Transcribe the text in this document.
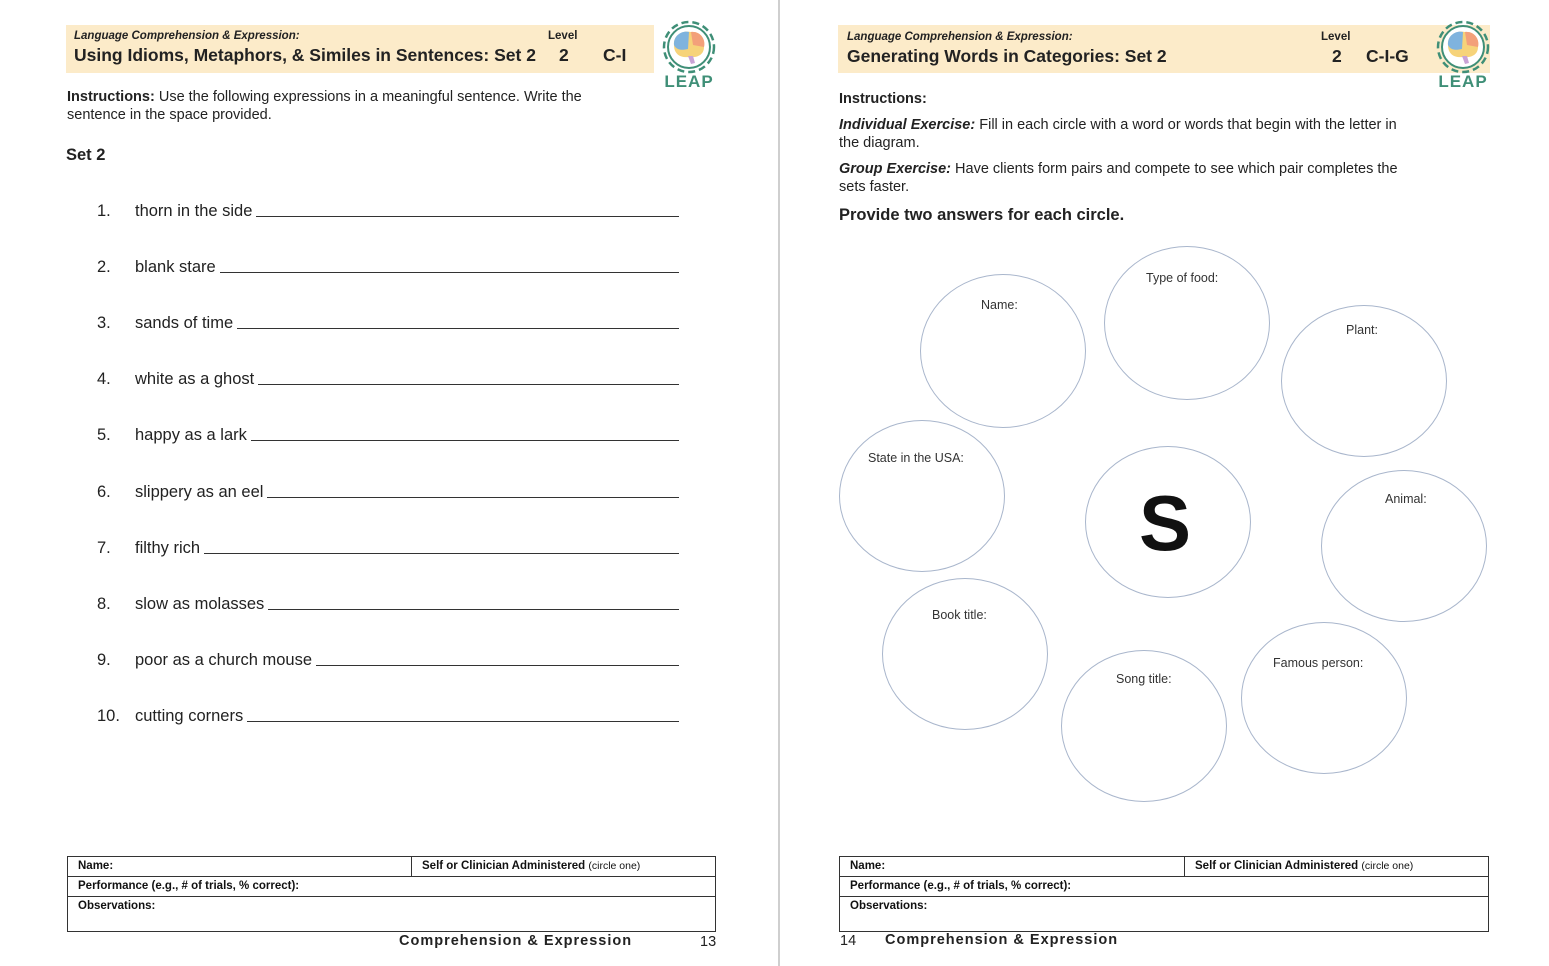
Language Comprehension & Expression:
Using Idioms, Metaphors, & Similes in Sentences: Set 2
Level
2 C-I
LEAP
Instructions: Use the following expressions in a meaningful sentence. Write the sentence in the space provided.
Set 2
1.	thorn in the side
2.	blank stare
3.	sands of time
4.	white as a ghost
5.	happy as a lark
6.	slippery as an eel
7.	filthy rich
8.	slow as molasses
9.	poor as a church mouse
10. cutting corners
Name:	Self or Clinician Administered (circle one)
Performance (e.g., # of trials, % correct):
Observations:
Comprehension & Expression	13
Language Comprehension & Expression:
Generating Words in Categories: Set 2
Level
2 C-I-G
LEAP
Instructions:
Individual Exercise: Fill in each circle with a word or words that begin with the letter in the diagram.
Group Exercise: Have clients form pairs and compete to see which pair completes the sets faster.
Provide two answers for each circle.
Name:
Type of food:
Plant:
State in the USA:
S	Animal:
Book title:
Song title:
Famous person:
Name:	Self or Clinician Administered (circle one)
Performance (e.g., # of trials, % correct):
Observations:
14 Comprehension & Expression
